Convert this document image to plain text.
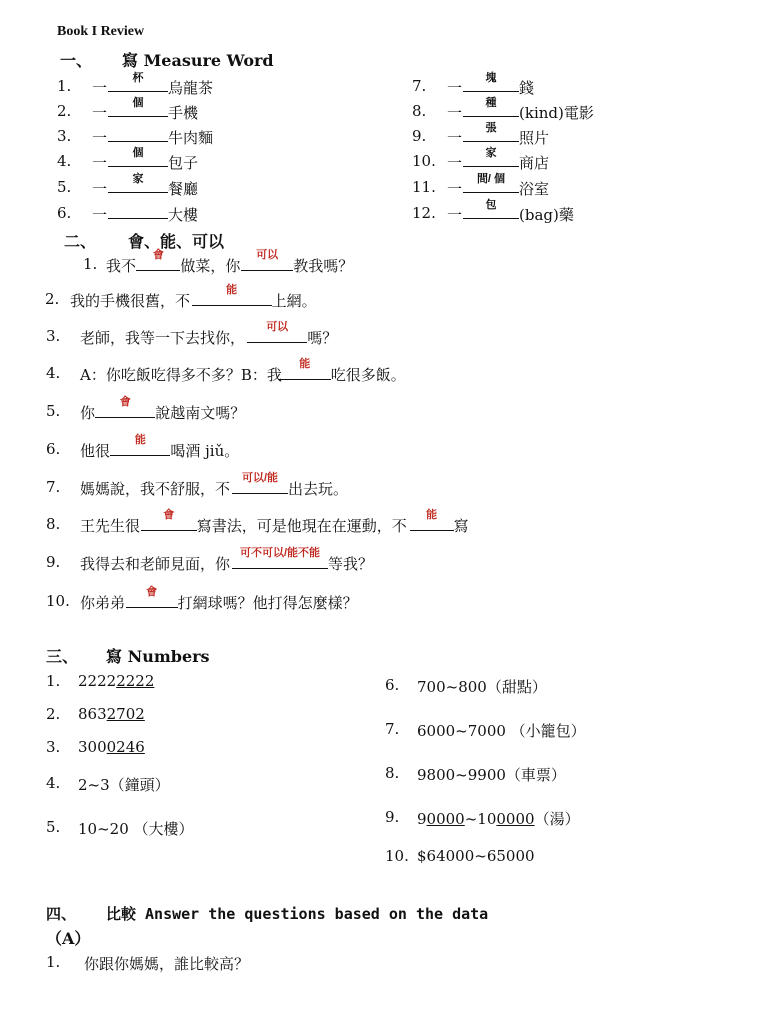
Book I Review
一、 寫 Measure Word
1. 一
杯
烏龍茶
2. 一
個
手機
3. 一	牛肉麵
4. 一
個
包子
5. 一
家
餐廳
6. 一	大樓
7. 一
塊
錢
8. 一
種
(kind)電影
9. 一
張
照片
10. 一
家
商店
11. 一
間/ 個
浴室
12. 一
包
(bag)藥
二、 會、能、可以
1. 我不
會
做菜，你
可以
教我嗎？
2. 我的手機很舊，不
能
上網。
3. 老師，我等一下去找你，
可以
嗎？
4. A：你吃飯吃得多不多？B：我
能
吃很多飯。
5. 你
會
說越南文嗎？
6. 他很
能
喝酒 jiǔ。
7. 媽媽說，我不舒服，不
可以/能
出去玩。
8. 王先生很
會
寫書法，可是他現在在運動，不
能
寫
9. 我得去和老師見面，你
可不可以/能不能
等我？
10. 你弟弟
會
打網球嗎？他打得怎麼樣？
三、 寫 Numbers
1. 22222222
2. 8632702
3. 3000246
4. 2~3（鐘頭）
5. 10~20 （大樓）
6. 700~800（甜點）
7. 6000~7000 （小籠包）
8. 9800~9900（車票）
9. 90000~100000（湯）
10. $64000~65000
四、 比較 Answer the questions based on the data
（A）
1. 你跟你媽媽，誰比較高？
